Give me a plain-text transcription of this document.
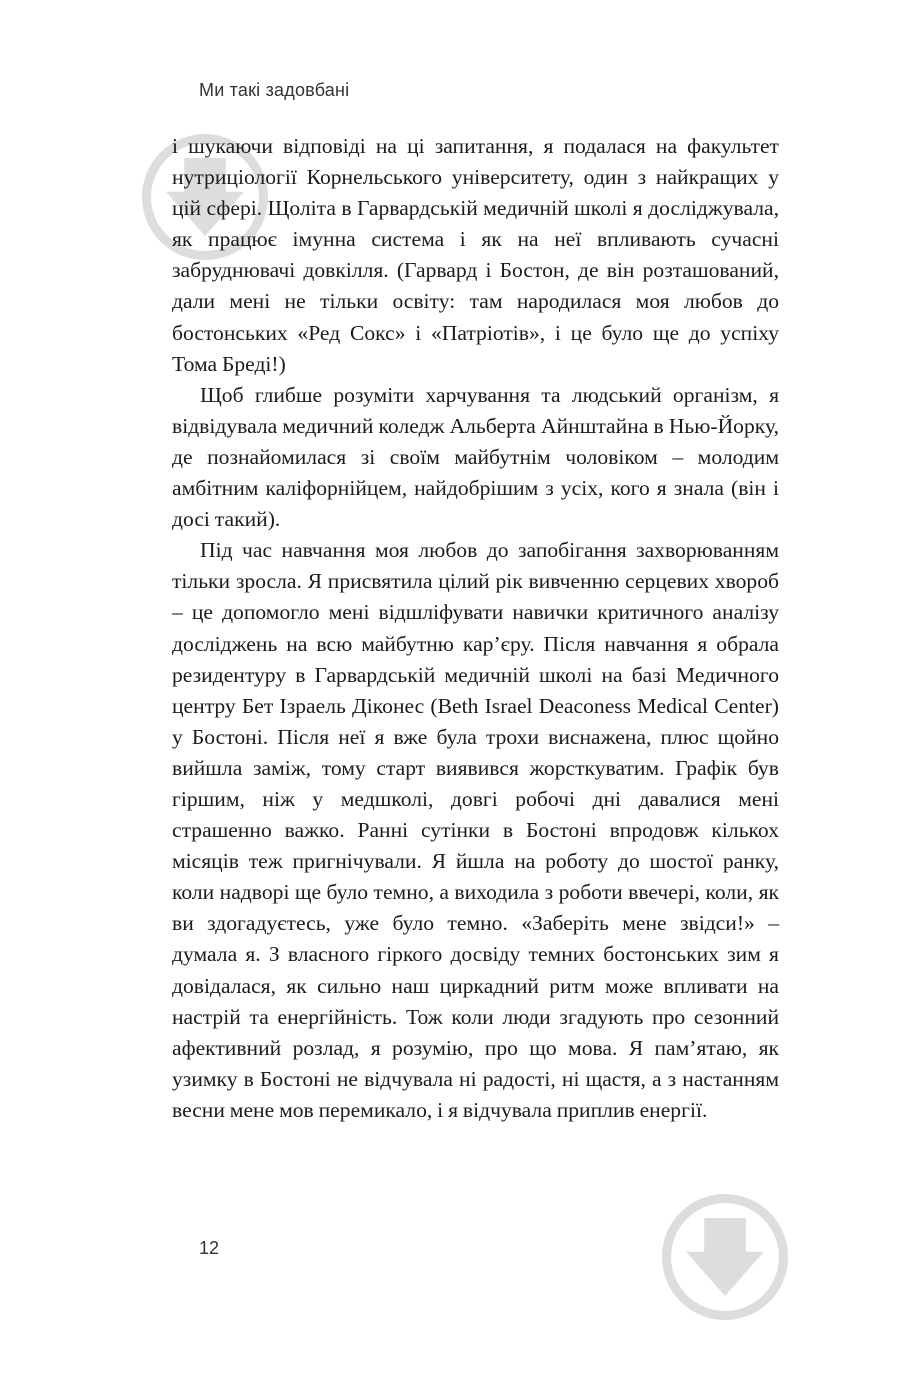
Ми такі задовбані

і шукаючи відповіді на ці запитання, я подалася на факультет нутриціології Корнельського університету, один з найкращих у цій сфері. Щоліта в Гарвардській медичній школі я досліджувала, як працює імунна система і як на неї впливають сучасні забруднювачі довкілля. (Гарвард і Бостон, де він розташований, дали мені не тільки освіту: там народилася моя любов до бостонських «Ред Сокс» і «Патріотів», і це було ще до успіху Тома Бреді!)

Щоб глибше розуміти харчування та людський організм, я відвідувала медичний коледж Альберта Айнштайна в Нью-Йорку, де познайомилася зі своїм майбутнім чоловіком – молодим амбітним каліфорнійцем, найдобрішим з усіх, кого я знала (він і досі такий).

Під час навчання моя любов до запобігання захворюванням тільки зросла. Я присвятила цілий рік вивченню серцевих хвороб – це допомогло мені відшліфувати навички критичного аналізу досліджень на всю майбутню кар’єру. Після навчання я обрала резидентуру в Гарвардській медичній школі на базі Медичного центру Бет Ізраель Діконес (Beth Israel Deaconess Medical Center) у Бостоні. Після неї я вже була трохи виснажена, плюс щойно вийшла заміж, тому старт виявився жорсткуватим. Графік був гіршим, ніж у медшколі, довгі робочі дні давалися мені страшенно важко. Ранні сутінки в Бостоні впродовж кількох місяців теж пригнічували. Я йшла на роботу до шостої ранку, коли надворі ще було темно, а виходила з роботи ввечері, коли, як ви здогадуєтесь, уже було темно. «Заберіть мене звідси!» – думала я. З власного гіркого досвіду темних бостонських зим я довідалася, як сильно наш циркадний ритм може впливати на настрій та енергійність. Тож коли люди згадують про сезонний афективний розлад, я розумію, про що мова. Я пам’ятаю, як узимку в Бостоні не відчувала ні радості, ні щастя, а з настанням весни мене мов перемикало, і я відчувала приплив енергії.

12
